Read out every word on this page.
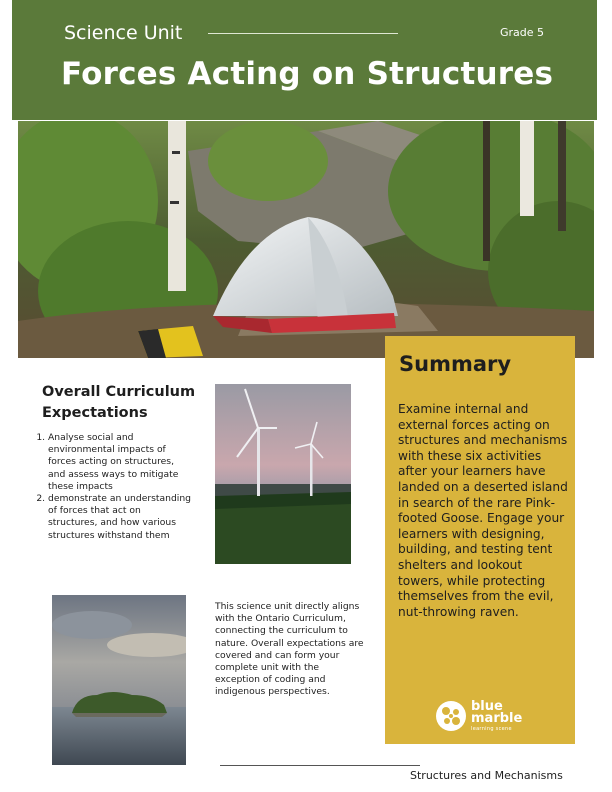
Science Unit	Grade 5
Forces Acting on Structures
Summary
Examine internal and external forces acting on structures and mechanisms with these six activities after your learners have landed on a deserted island in search of the rare Pink-footed Goose. Engage your learners with designing, building, and testing tent shelters and lookout towers, while protecting themselves from the evil, nut-throwing raven.
blue
marble
learning scene
Overall Curriculum Expectations
1. Analyse social and environmental impacts of forces acting on structures, and assess ways to mitigate these impacts
2. demonstrate an understanding of forces that act on structures, and how various structures withstand them
This science unit directly aligns with the Ontario Curriculum, connecting the curriculum to nature. Overall expectations are covered and can form your complete unit with the exception of coding and indigenous perspectives.
Structures and Mechanisms
